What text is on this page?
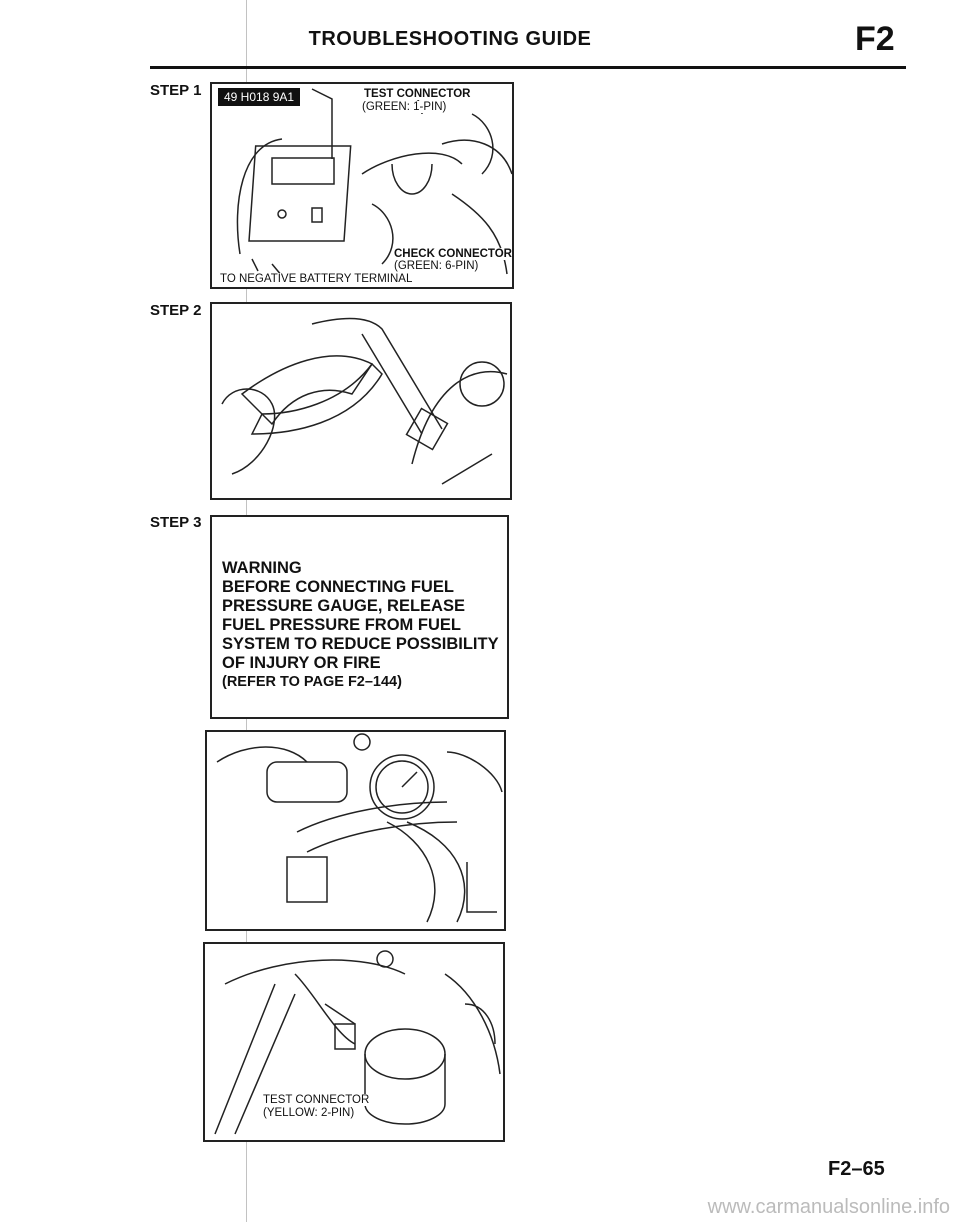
TROUBLESHOOTING GUIDE	F2
STEP 1	49 H018 9A1	TEST CONNECTOR
(GREEN: 1-PIN)
CHECK CONNECTOR
(GREEN: 6-PIN)
TO NEGATIVE BATTERY TERMINAL
STEP 2
STEP 3
WARNING
BEFORE CONNECTING FUEL
PRESSURE GAUGE, RELEASE
FUEL PRESSURE FROM FUEL
SYSTEM TO REDUCE POSSIBILITY
OF INJURY OR FIRE
(REFER TO PAGE F2–144)
TEST CONNECTOR
(YELLOW: 2-PIN)
F2–65
www.carmanualsonline.info
